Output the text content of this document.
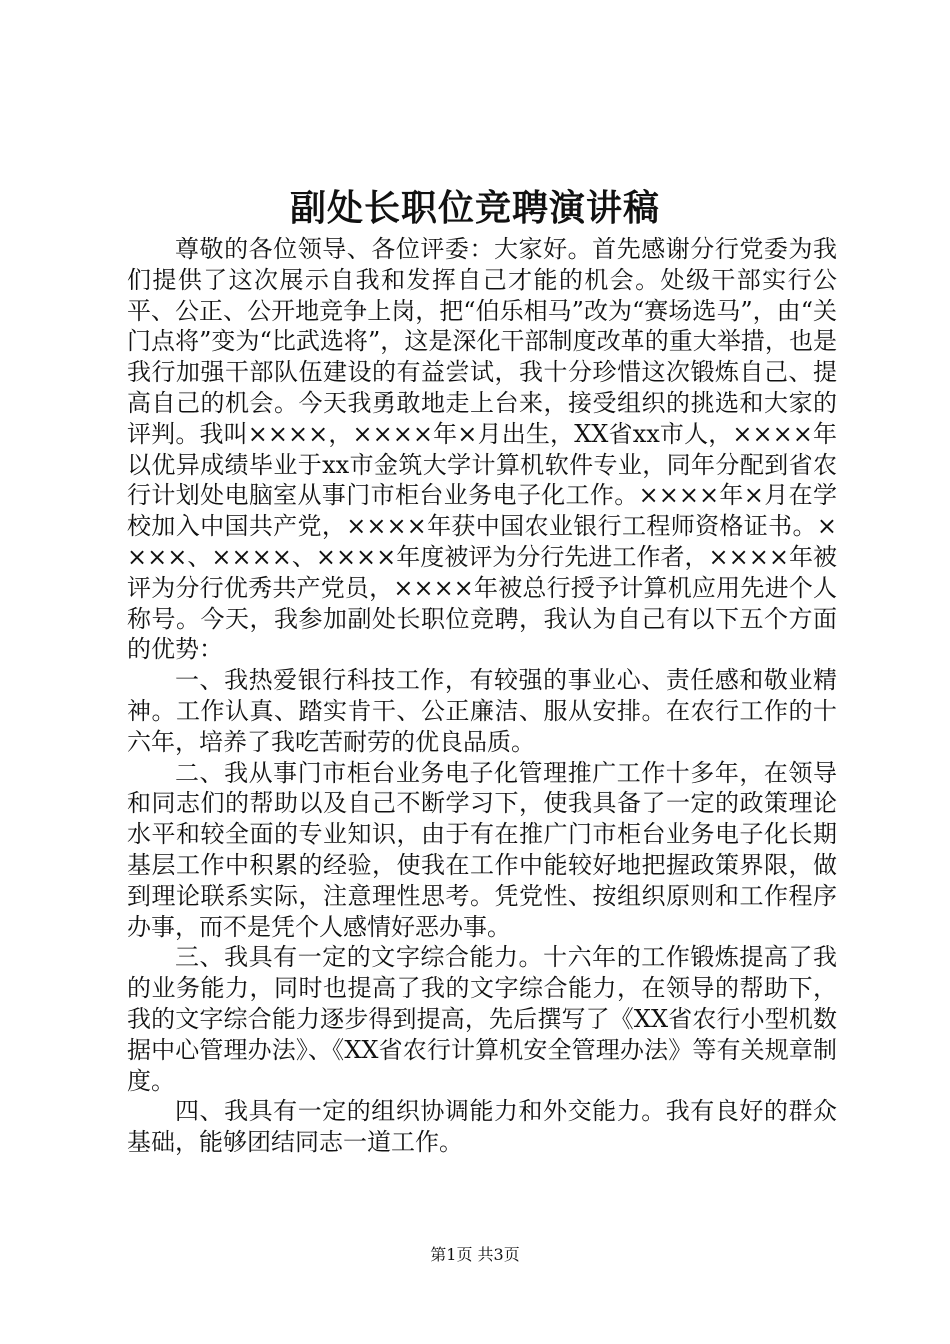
副处长职位竞聘演讲稿

尊敬的各位领导、各位评委：大家好。首先感谢分行党委为我们提供了这次展示自我和发挥自己才能的机会。处级干部实行公平、公正、公开地竞争上岗，把“伯乐相马”改为“赛场选马”，由“关门点将”变为“比武选将”，这是深化干部制度改革的重大举措，也是我行加强干部队伍建设的有益尝试，我十分珍惜这次锻炼自己、提高自己的机会。今天我勇敢地走上台来，接受组织的挑选和大家的评判。我叫××××，××××年×月出生，XX省xx市人，××××年以优异成绩毕业于xx市金筑大学计算机软件专业，同年分配到省农行计划处电脑室从事门市柜台业务电子化工作。××××年×月在学校加入中国共产党，××××年获中国农业银行工程师资格证书。××××、××××、××××年度被评为分行先进工作者，××××年被评为分行优秀共产党员，××××年被总行授予计算机应用先进个人称号。今天，我参加副处长职位竞聘，我认为自己有以下五个方面的优势：

一、我热爱银行科技工作，有较强的事业心、责任感和敬业精神。工作认真、踏实肯干、公正廉洁、服从安排。在农行工作的十六年，培养了我吃苦耐劳的优良品质。

二、我从事门市柜台业务电子化管理推广工作十多年，在领导和同志们的帮助以及自己不断学习下，使我具备了一定的政策理论水平和较全面的专业知识，由于有在推广门市柜台业务电子化长期基层工作中积累的经验，使我在工作中能较好地把握政策界限，做到理论联系实际，注意理性思考。凭党性、按组织原则和工作程序办事，而不是凭个人感情好恶办事。

三、我具有一定的文字综合能力。十六年的工作锻炼提高了我的业务能力，同时也提高了我的文字综合能力，在领导的帮助下，我的文字综合能力逐步得到提高，先后撰写了《XX省农行小型机数据中心管理办法》、《XX省农行计算机安全管理办法》等有关规章制度。

四、我具有一定的组织协调能力和外交能力。我有良好的群众基础，能够团结同志一道工作。

第1页 共3页
